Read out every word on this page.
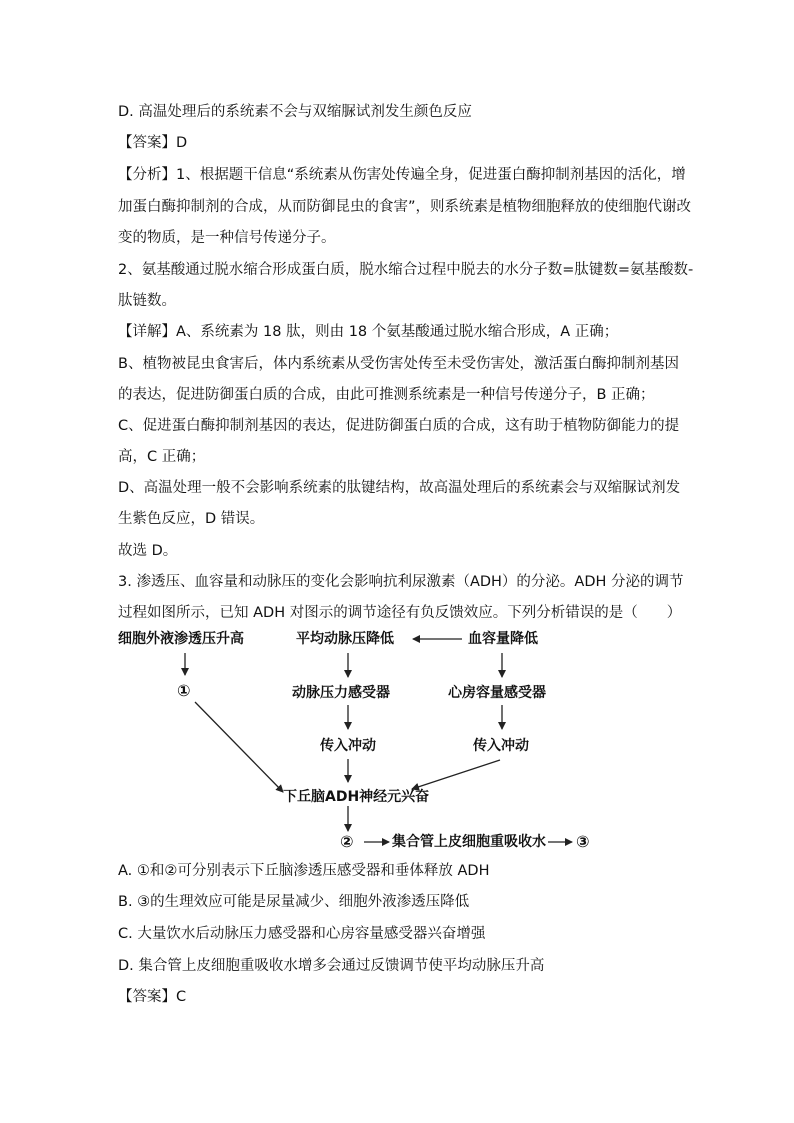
D. 高温处理后的系统素不会与双缩脲试剂发生颜色反应
【答案】D
【分析】1、根据题干信息“系统素从伤害处传遍全身，促进蛋白酶抑制剂基因的活化，增
加蛋白酶抑制剂的合成，从而防御昆虫的食害”，则系统素是植物细胞释放的使细胞代谢改
变的物质，是一种信号传递分子。
2、氨基酸通过脱水缩合形成蛋白质，脱水缩合过程中脱去的水分子数=肽键数=氨基酸数-
肽链数。
【详解】A、系统素为 18 肽，则由 18 个氨基酸通过脱水缩合形成，A 正确；
B、植物被昆虫食害后，体内系统素从受伤害处传至未受伤害处，激活蛋白酶抑制剂基因
的表达，促进防御蛋白质的合成，由此可推测系统素是一种信号传递分子，B 正确；
C、促进蛋白酶抑制剂基因的表达，促进防御蛋白质的合成，这有助于植物防御能力的提
高，C 正确；
D、高温处理一般不会影响系统素的肽键结构，故高温处理后的系统素会与双缩脲试剂发
生紫色反应，D 错误。
故选 D。
3. 渗透压、血容量和动脉压的变化会影响抗利尿激素（ADH）的分泌。ADH 分泌的调节
过程如图所示，已知 ADH 对图示的调节途径有负反馈效应。下列分析错误的是（　　）
细胞外液渗透压升高	平均动脉压降低	血容量降低
①	动脉压力感受器	心房容量感受器
传入冲动	传入冲动
下丘脑ADH神经元兴奋
②	集合管上皮细胞重吸收水 ③
A. ①和②可分别表示下丘脑渗透压感受器和垂体释放 ADH
B. ③的生理效应可能是尿量减少、细胞外液渗透压降低
C. 大量饮水后动脉压力感受器和心房容量感受器兴奋增强
D. 集合管上皮细胞重吸收水增多会通过反馈调节使平均动脉压升高
【答案】C
